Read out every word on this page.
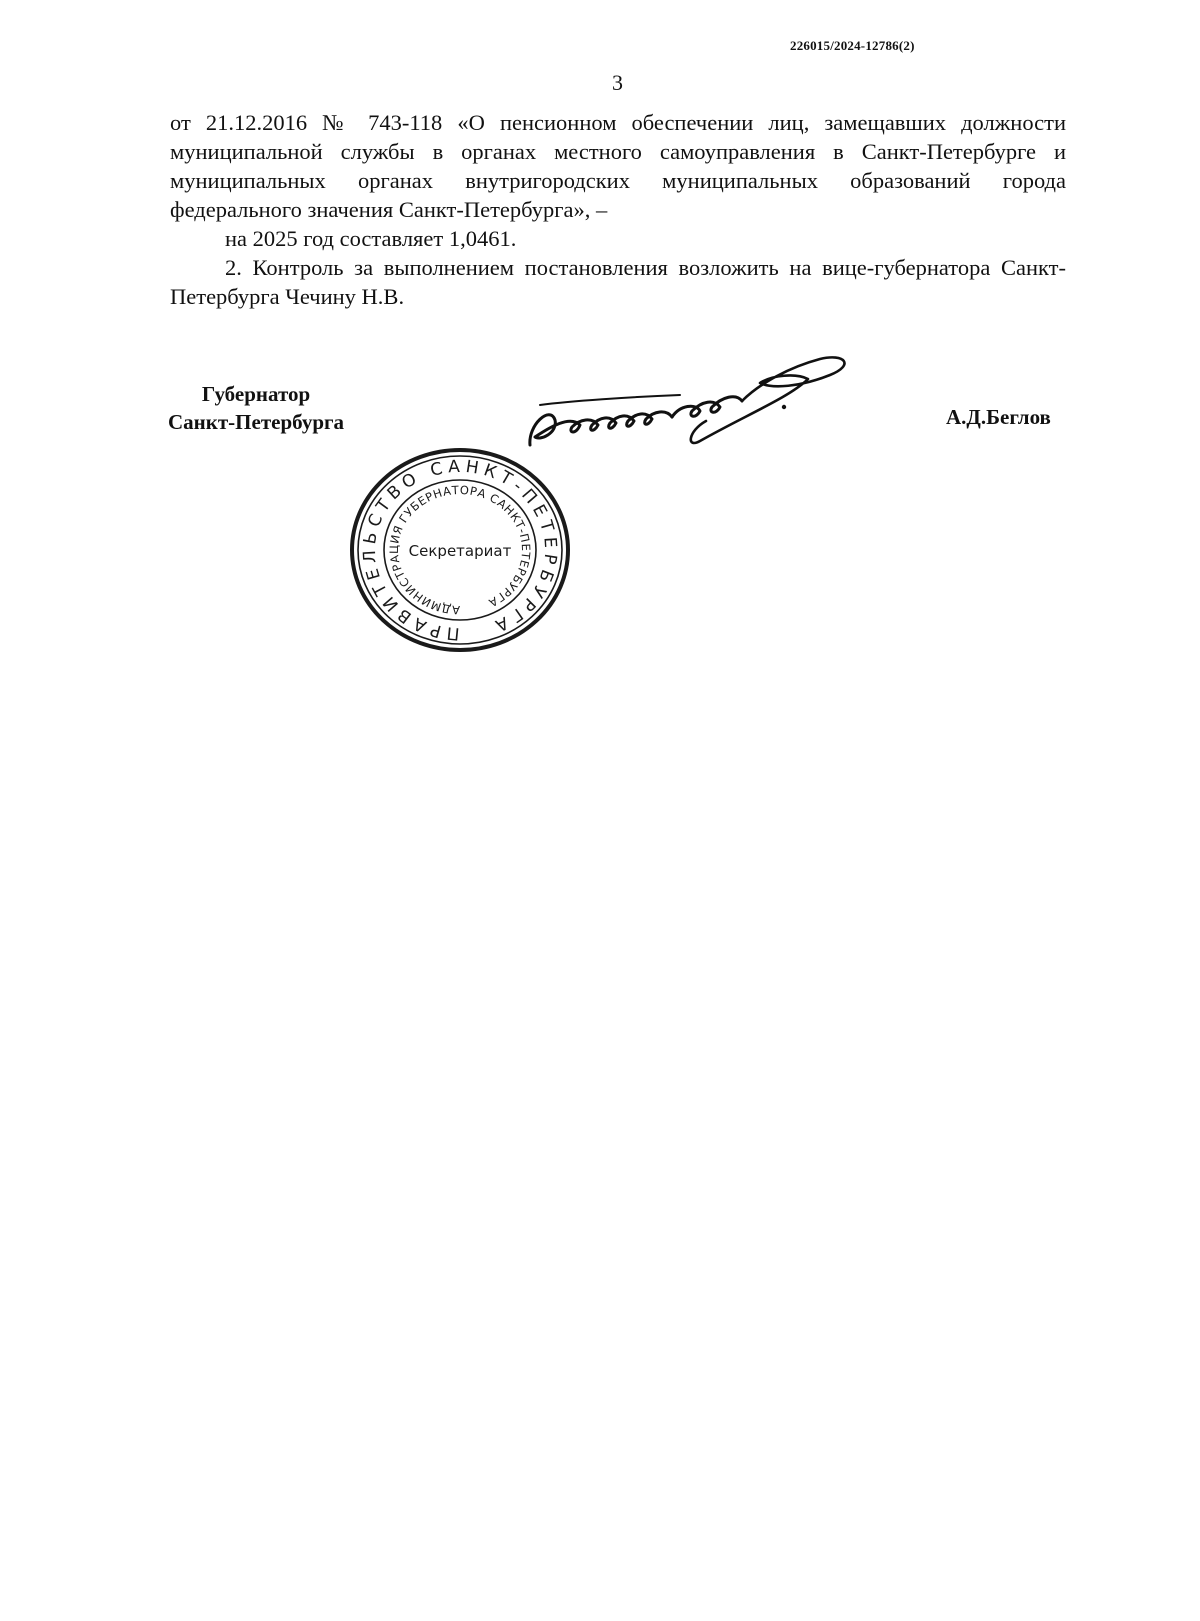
226015/2024-12786(2)
3

от 21.12.2016 № 743-118 «О пенсионном обеспечении лиц, замещавших должности муниципальной службы в органах местного самоуправления в Санкт-Петербурге и муниципальных органах внутригородских муниципальных образований города федерального значения Санкт-Петербурга», –

на 2025 год составляет 1,0461.

2. Контроль за выполнением постановления возложить на вице-губернатора Санкт-Петербурга Чечину Н.В.

Губернатор
Санкт-Петербурга	А.Д.Беглов
ПРАВИТЕЛЬСТВО САНКТ-ПЕТЕРБУРГА
АДМИНИСТРАЦИЯ ГУБЕРНАТОРА САНКТ-ПЕТЕРБУРГА
Секретариат
